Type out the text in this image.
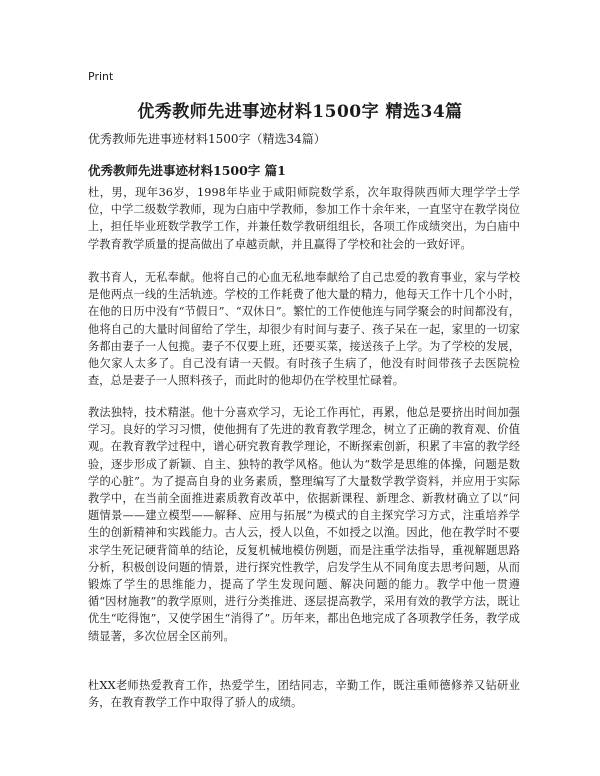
Print
优秀教师先进事迹材料1500字 精选34篇

优秀教师先进事迹材料1500字（精选34篇）

优秀教师先进事迹材料1500字 篇1

杜，男，现年36岁，1998年毕业于咸阳师院数学系，次年取得陕西师大理学学士学位，中学二级数学教师，现为白庙中学教师，参加工作十余年来，一直坚守在教学岗位上，担任毕业班数学教学工作，并兼任数学教研组组长，各项工作成绩突出，为白庙中学教育教学质量的提高做出了卓越贡献，并且赢得了学校和社会的一致好评。

教书育人，无私奉献。他将自己的心血无私地奉献给了自己忠爱的教育事业，家与学校是他两点一线的生活轨迹。学校的工作耗费了他大量的精力，他每天工作十几个小时，在他的日历中没有“节假日”、“双休日”。繁忙的工作使他连与同学聚会的时间都没有，他将自己的大量时间留给了学生，却很少有时间与妻子、孩子呆在一起，家里的一切家务都由妻子一人包揽。妻子不仅要上班，还要买菜，接送孩子上学。为了学校的发展，他欠家人太多了。自己没有请一天假。有时孩子生病了，他没有时间带孩子去医院检查，总是妻子一人照料孩子，而此时的他却仍在学校里忙碌着。

教法独特，技术精湛。他十分喜欢学习，无论工作再忙，再累，他总是要挤出时间加强学习。良好的学习习惯，使他拥有了先进的教育教学理念，树立了正确的教育观、价值观。在教育教学过程中，谱心研究教育教学理论，不断探索创新，积累了丰富的教学经验，逐步形成了新颖、自主、独特的教学风格。他认为“数学是思维的体操，问题是数学的心脏”。为了提高自身的业务素质，整理编写了大量数学教学资料，并应用于实际教学中，在当前全面推进素质教育改革中，依据新课程、新理念、新教材确立了以“问题情景——建立模型——解释、应用与拓展”为模式的自主探究学习方式，注重培养学生的创新精神和实践能力。古人云，授人以鱼，不如授之以渔。因此，他在教学时不要求学生死记硬背简单的结论，反复机械地模仿例题，而是注重学法指导，重视解题思路分析，积极创设问题的情景，进行探究性教学，启发学生从不同角度去思考问题，从而锻炼了学生的思维能力，提高了学生发现问题、解决问题的能力。教学中他一贯遵循“因材施教”的教学原则，进行分类推进、逐层提高教学，采用有效的教学方法，既让优生“吃得饱”，又使学困生“消得了”。历年来，都出色地完成了各项教学任务，教学成绩显著，多次位居全区前列。

杜XX老师热爱教育工作，热爱学生，团结同志，辛勤工作，既注重师德修养又钻研业务，在教育教学工作中取得了骄人的成绩。
